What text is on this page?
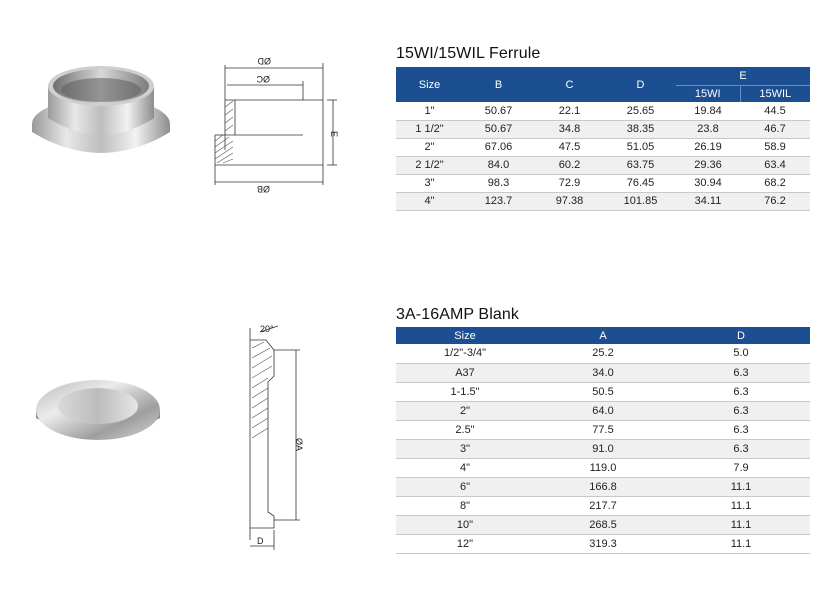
ØD
ØC
ØB
E
15WI/15WIL Ferrule
Size	B	C	D	E	
				15WI	15WIL
1"	50.67	22.1	25.65	19.84	44.5
1 1/2"	50.67	34.8	38.35	23.8	46.7
2"	67.06	47.5	51.05	26.19	58.9
2 1/2"	84.0	60.2	63.75	29.36	63.4
3"	98.3	72.9	76.45	30.94	68.2
4"	123.7	97.38	101.85	34.11	76.2
20°
ØA
D
3A-16AMP Blank
Size	A	D
1/2"-3/4"	25.2	5.0
A37	34.0	6.3
1-1.5"	50.5	6.3
2"	64.0	6.3
2.5"	77.5	6.3
3"	91.0	6.3
4"	119.0	7.9
6"	166.8	11.1
8"	217.7	11.1
10"	268.5	11.1
12"	319.3	11.1
